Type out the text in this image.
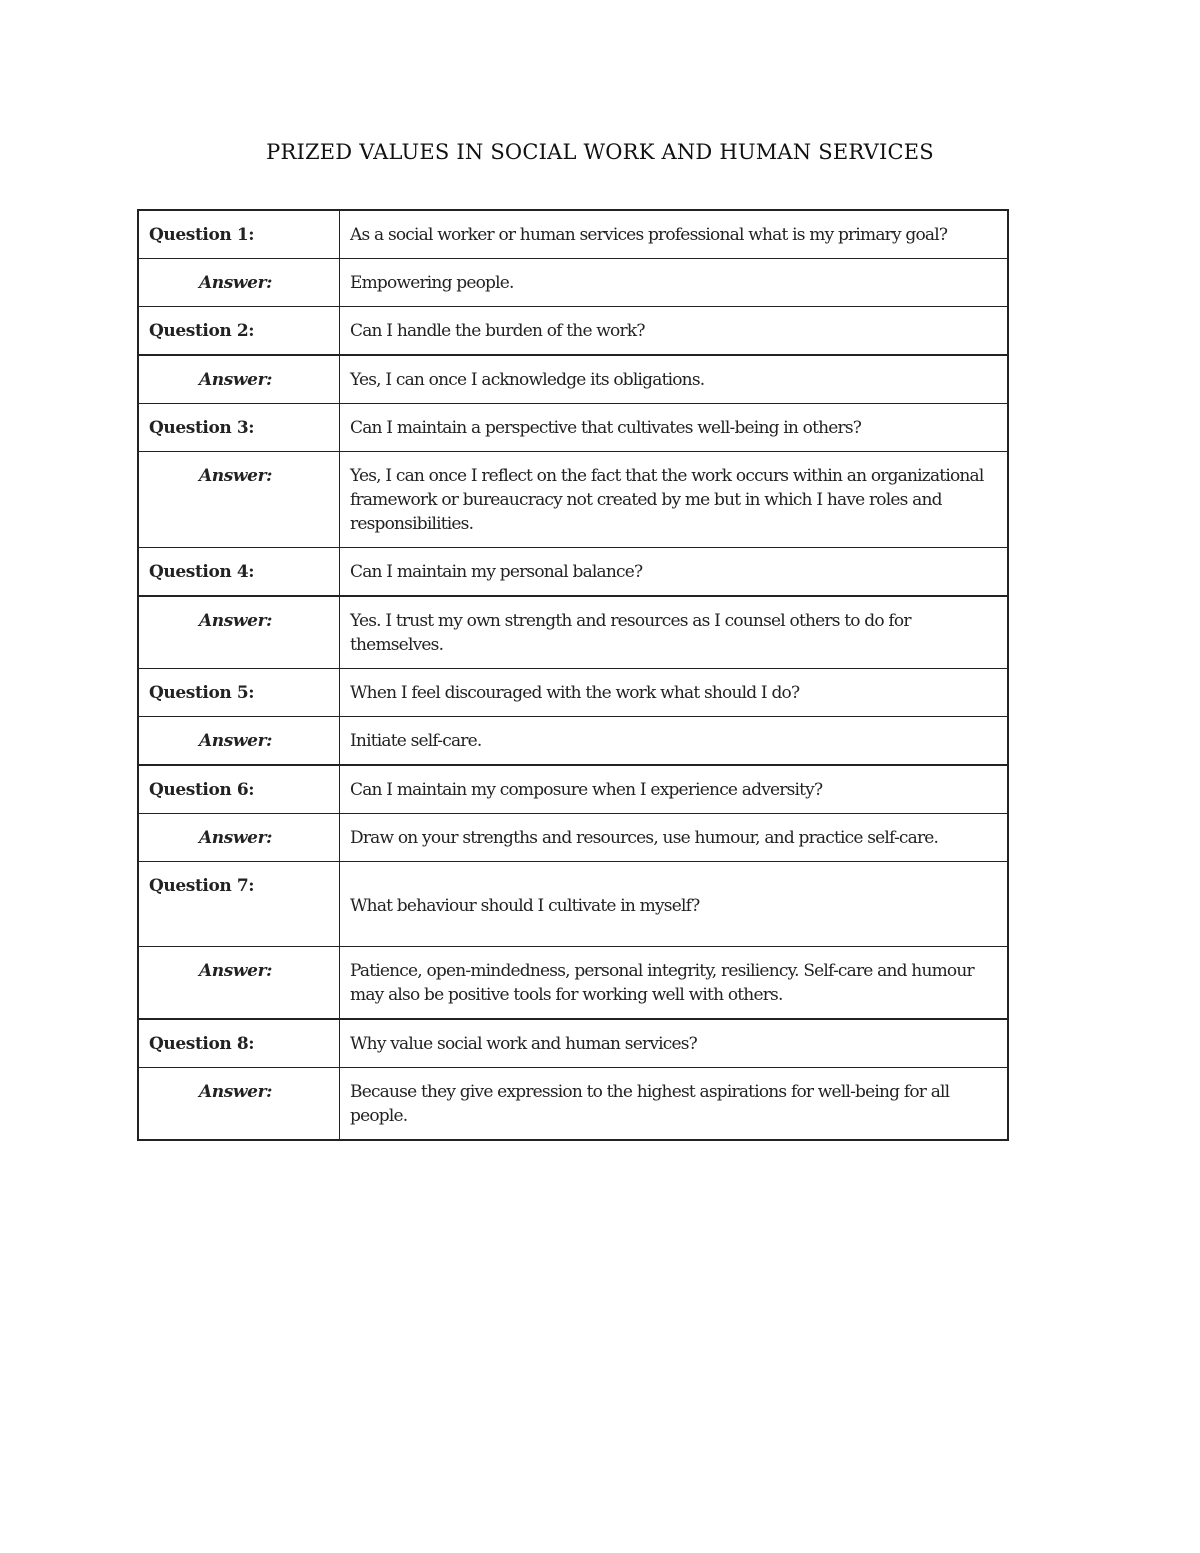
PRIZED VALUES IN SOCIAL WORK AND HUMAN SERVICES
Question 1:	As a social worker or human services professional what is my primary goal?
Answer:	Empowering people.
Question 2:	Can I handle the burden of the work?
Answer:	Yes, I can once I acknowledge its obligations.
Question 3:	Can I maintain a perspective that cultivates well-being in others?
Answer:	Yes, I can once I reflect on the fact that the work occurs within an organizational framework or bureaucracy not created by me but in which I have roles and responsibilities.
Question 4:	Can I maintain my personal balance?
Answer:	Yes. I trust my own strength and resources as I counsel others to do for themselves.
Question 5:	When I feel discouraged with the work what should I do?
Answer:	Initiate self-care.
Question 6:	Can I maintain my composure when I experience adversity?
Answer:	Draw on your strengths and resources, use humour, and practice self-care.
Question 7:	What behaviour should I cultivate in myself?
Answer:	Patience, open-mindedness, personal integrity, resiliency. Self-care and humour may also be positive tools for working well with others.
Question 8:	Why value social work and human services?
Answer:	Because they give expression to the highest aspirations for well-being for all people.
